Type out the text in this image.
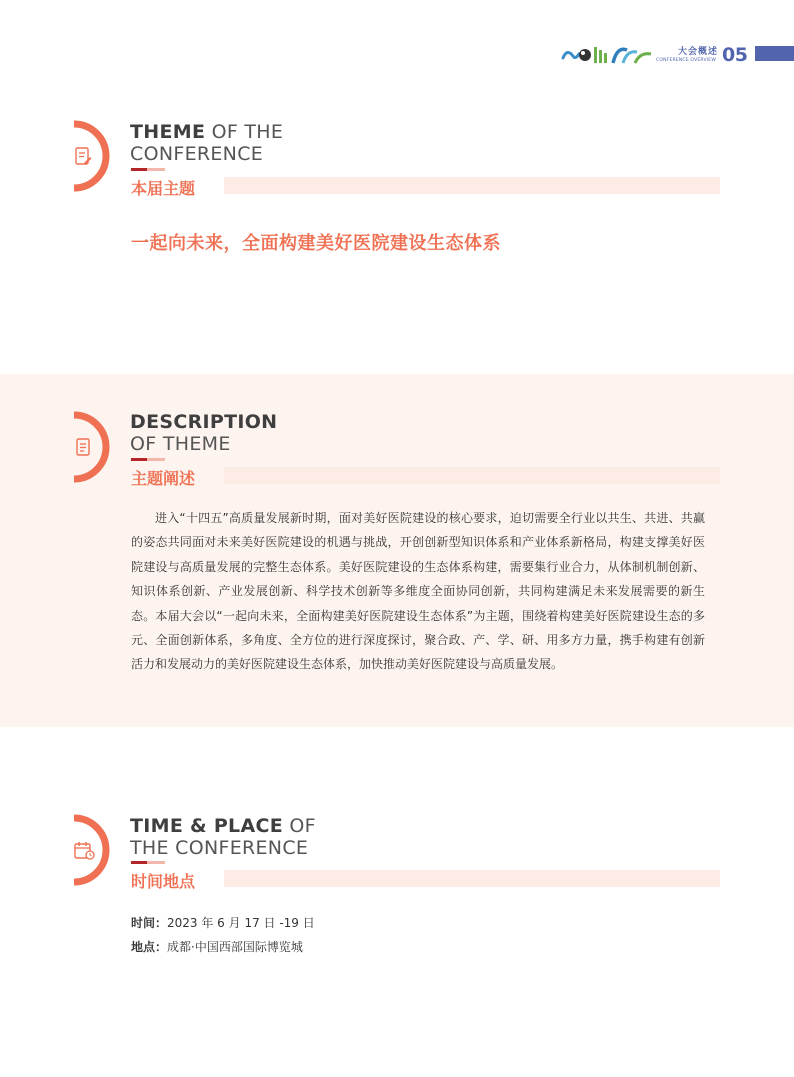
大会概述
CONFERENCE OVERVIEW 05
THEME OF THE
CONFERENCE
本届主题
一起向未来，全面构建美好医院建设生态体系
DESCRIPTION
OF THEME
主题阐述
进入“十四五”高质量发展新时期，面对美好医院建设的核心要求，迫切需要全行业以共生、共进、共赢的姿态共同面对未来美好医院建设的机遇与挑战，开创创新型知识体系和产业体系新格局，构建支撑美好医院建设与高质量发展的完整生态体系。美好医院建设的生态体系构建，需要集行业合力，从体制机制创新、知识体系创新、产业发展创新、科学技术创新等多维度全面协同创新，共同构建满足未来发展需要的新生态。本届大会以“一起向未来，全面构建美好医院建设生态体系”为主题，围绕着构建美好医院建设生态的多元、全面创新体系，多角度、全方位的进行深度探讨，聚合政、产、学、研、用多方力量，携手构建有创新活力和发展动力的美好医院建设生态体系，加快推动美好医院建设与高质量发展。
TIME & PLACE OF
THE CONFERENCE
时间地点
时间：2023 年 6 月 17 日 -19 日
地点：成都·中国西部国际博览城
